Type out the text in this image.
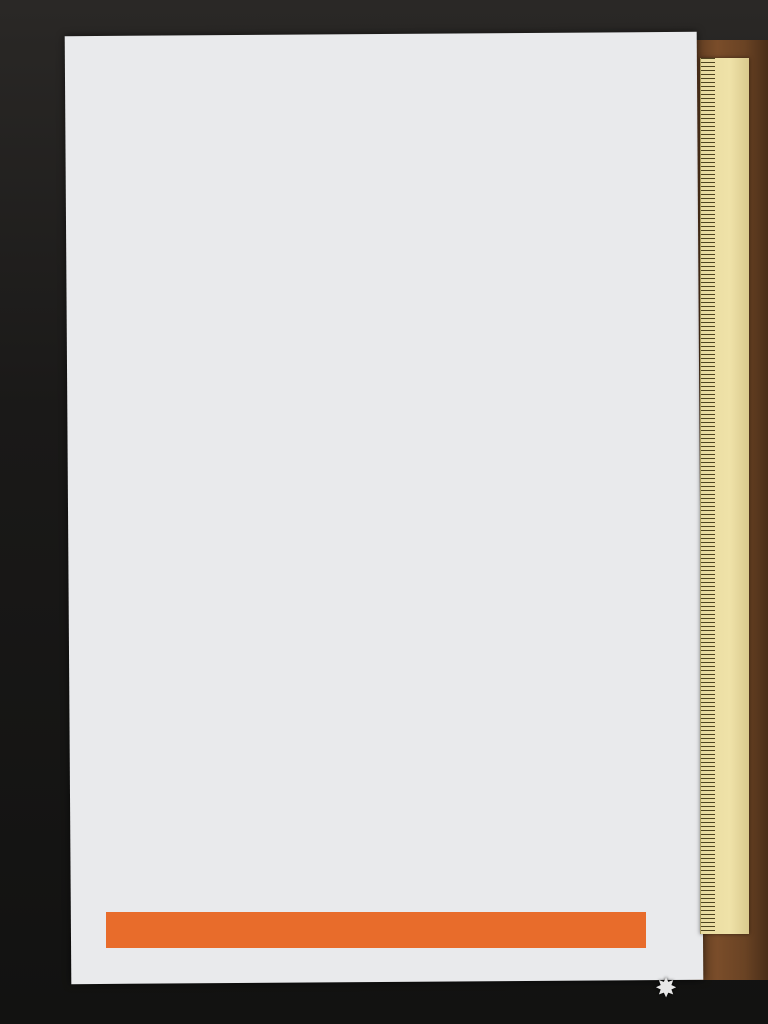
✸
